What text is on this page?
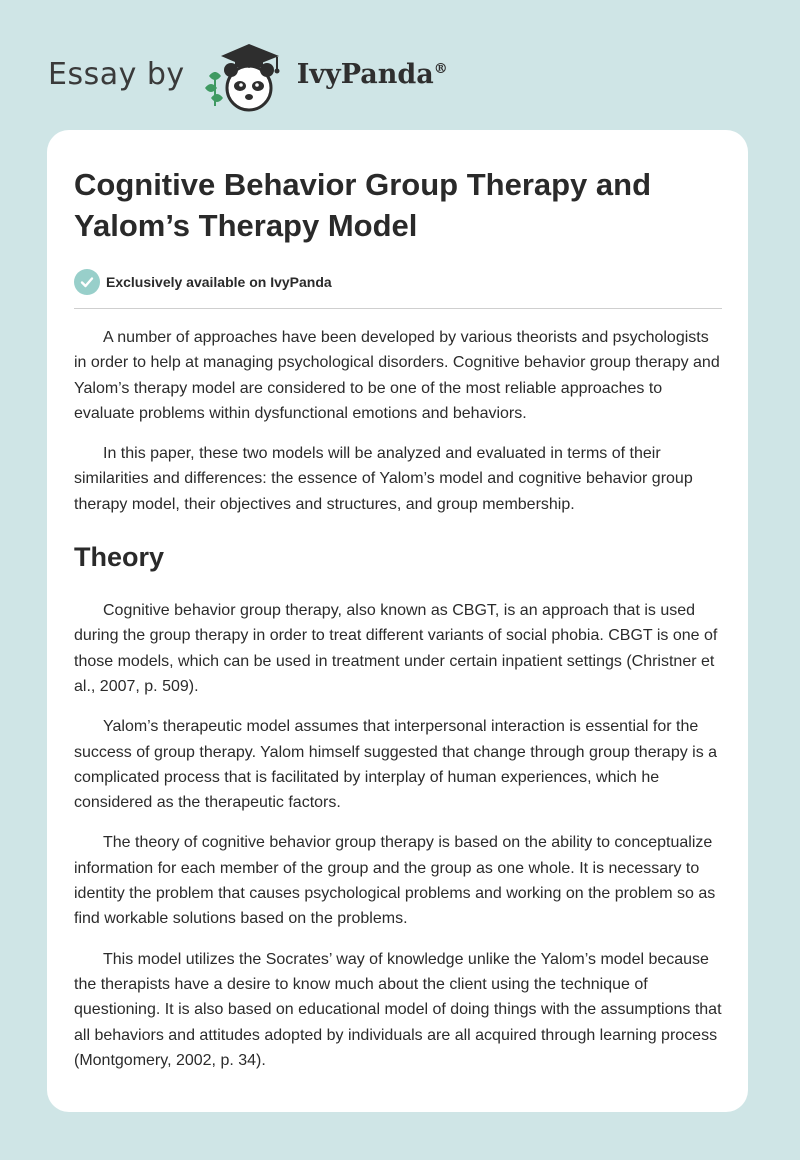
Essay by	IvyPanda®
Cognitive Behavior Group Therapy and Yalom’s Therapy Model
Exclusively available on IvyPanda

A number of approaches have been developed by various theorists and psychologists in order to help at managing psychological disorders. Cognitive behavior group therapy and Yalom’s therapy model are considered to be one of the most reliable approaches to evaluate problems within dysfunctional emotions and behaviors.

In this paper, these two models will be analyzed and evaluated in terms of their similarities and differences: the essence of Yalom’s model and cognitive behavior group therapy model, their objectives and structures, and group membership.

Theory

Cognitive behavior group therapy, also known as CBGT, is an approach that is used during the group therapy in order to treat different variants of social phobia. CBGT is one of those models, which can be used in treatment under certain inpatient settings (Christner et al., 2007, p. 509).

Yalom’s therapeutic model assumes that interpersonal interaction is essential for the success of group therapy. Yalom himself suggested that change through group therapy is a complicated process that is facilitated by interplay of human experiences, which he considered as the therapeutic factors.

The theory of cognitive behavior group therapy is based on the ability to conceptualize information for each member of the group and the group as one whole. It is necessary to identity the problem that causes psychological problems and working on the problem so as find workable solutions based on the problems.

This model utilizes the Socrates’ way of knowledge unlike the Yalom’s model because the therapists have a desire to know much about the client using the technique of questioning. It is also based on educational model of doing things with the assumptions that all behaviors and attitudes adopted by individuals are all acquired through learning process (Montgomery, 2002, p. 34).
